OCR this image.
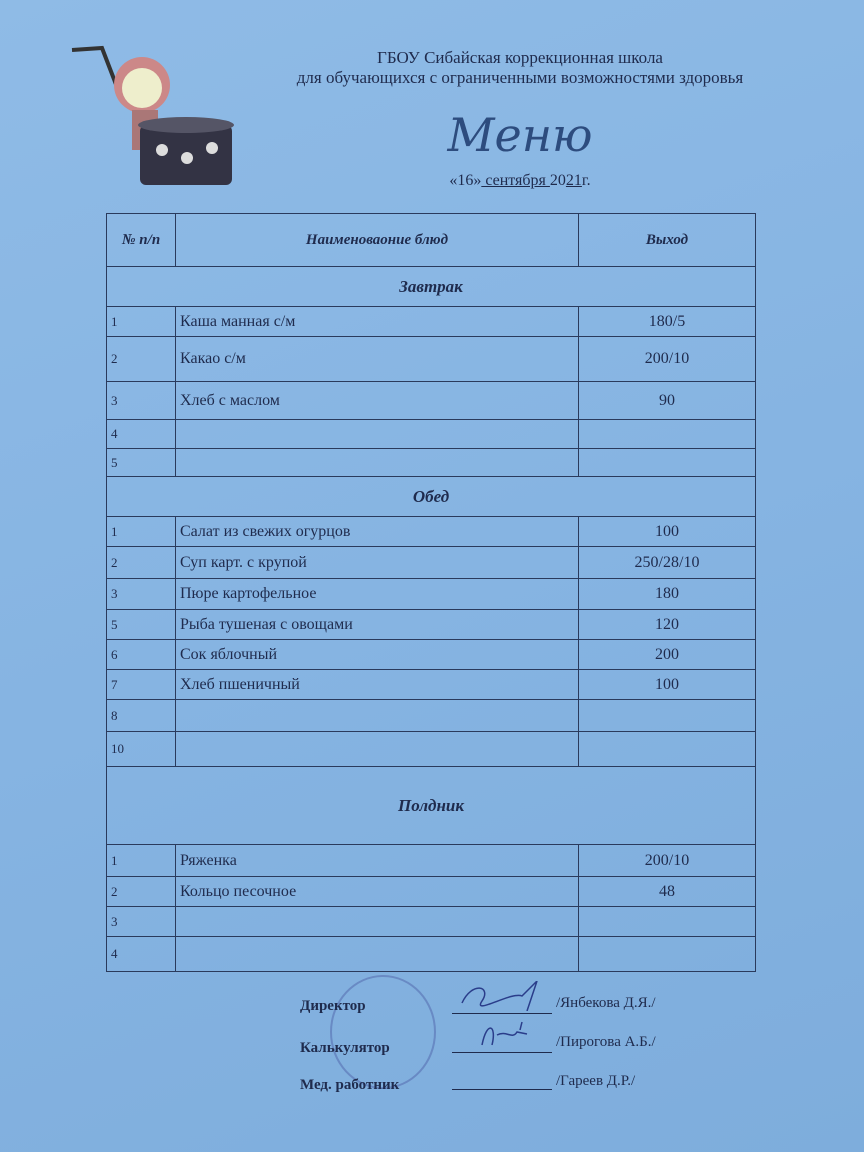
ГБОУ Сибайская коррекционная школа
для обучающихся с ограниченными возможностями здоровья
Меню
«16» сентября 2021г.
№ п/п	Наименоваоние блюд	Выход
Завтрак		
1	Каша манная с/м	180/5
2	Какао с/м	200/10
3	Хлеб с маслом	90
4		
5		
Обед		
1	Салат из свежих огурцов	100
2	Суп карт. с крупой	250/28/10
3	Пюре картофельное	180
5	Рыба тушеная с овощами	120
6	Сок яблочный	200
7	Хлеб пшеничный	100
8		
10		
Полдник		
1	Ряженка	200/10
2	Кольцо песочное	48
3		
4		
Директор
Калькулятор
Мед. работник
/Янбекова Д.Я./
/Пирогова А.Б./
/Гареев Д.Р./
